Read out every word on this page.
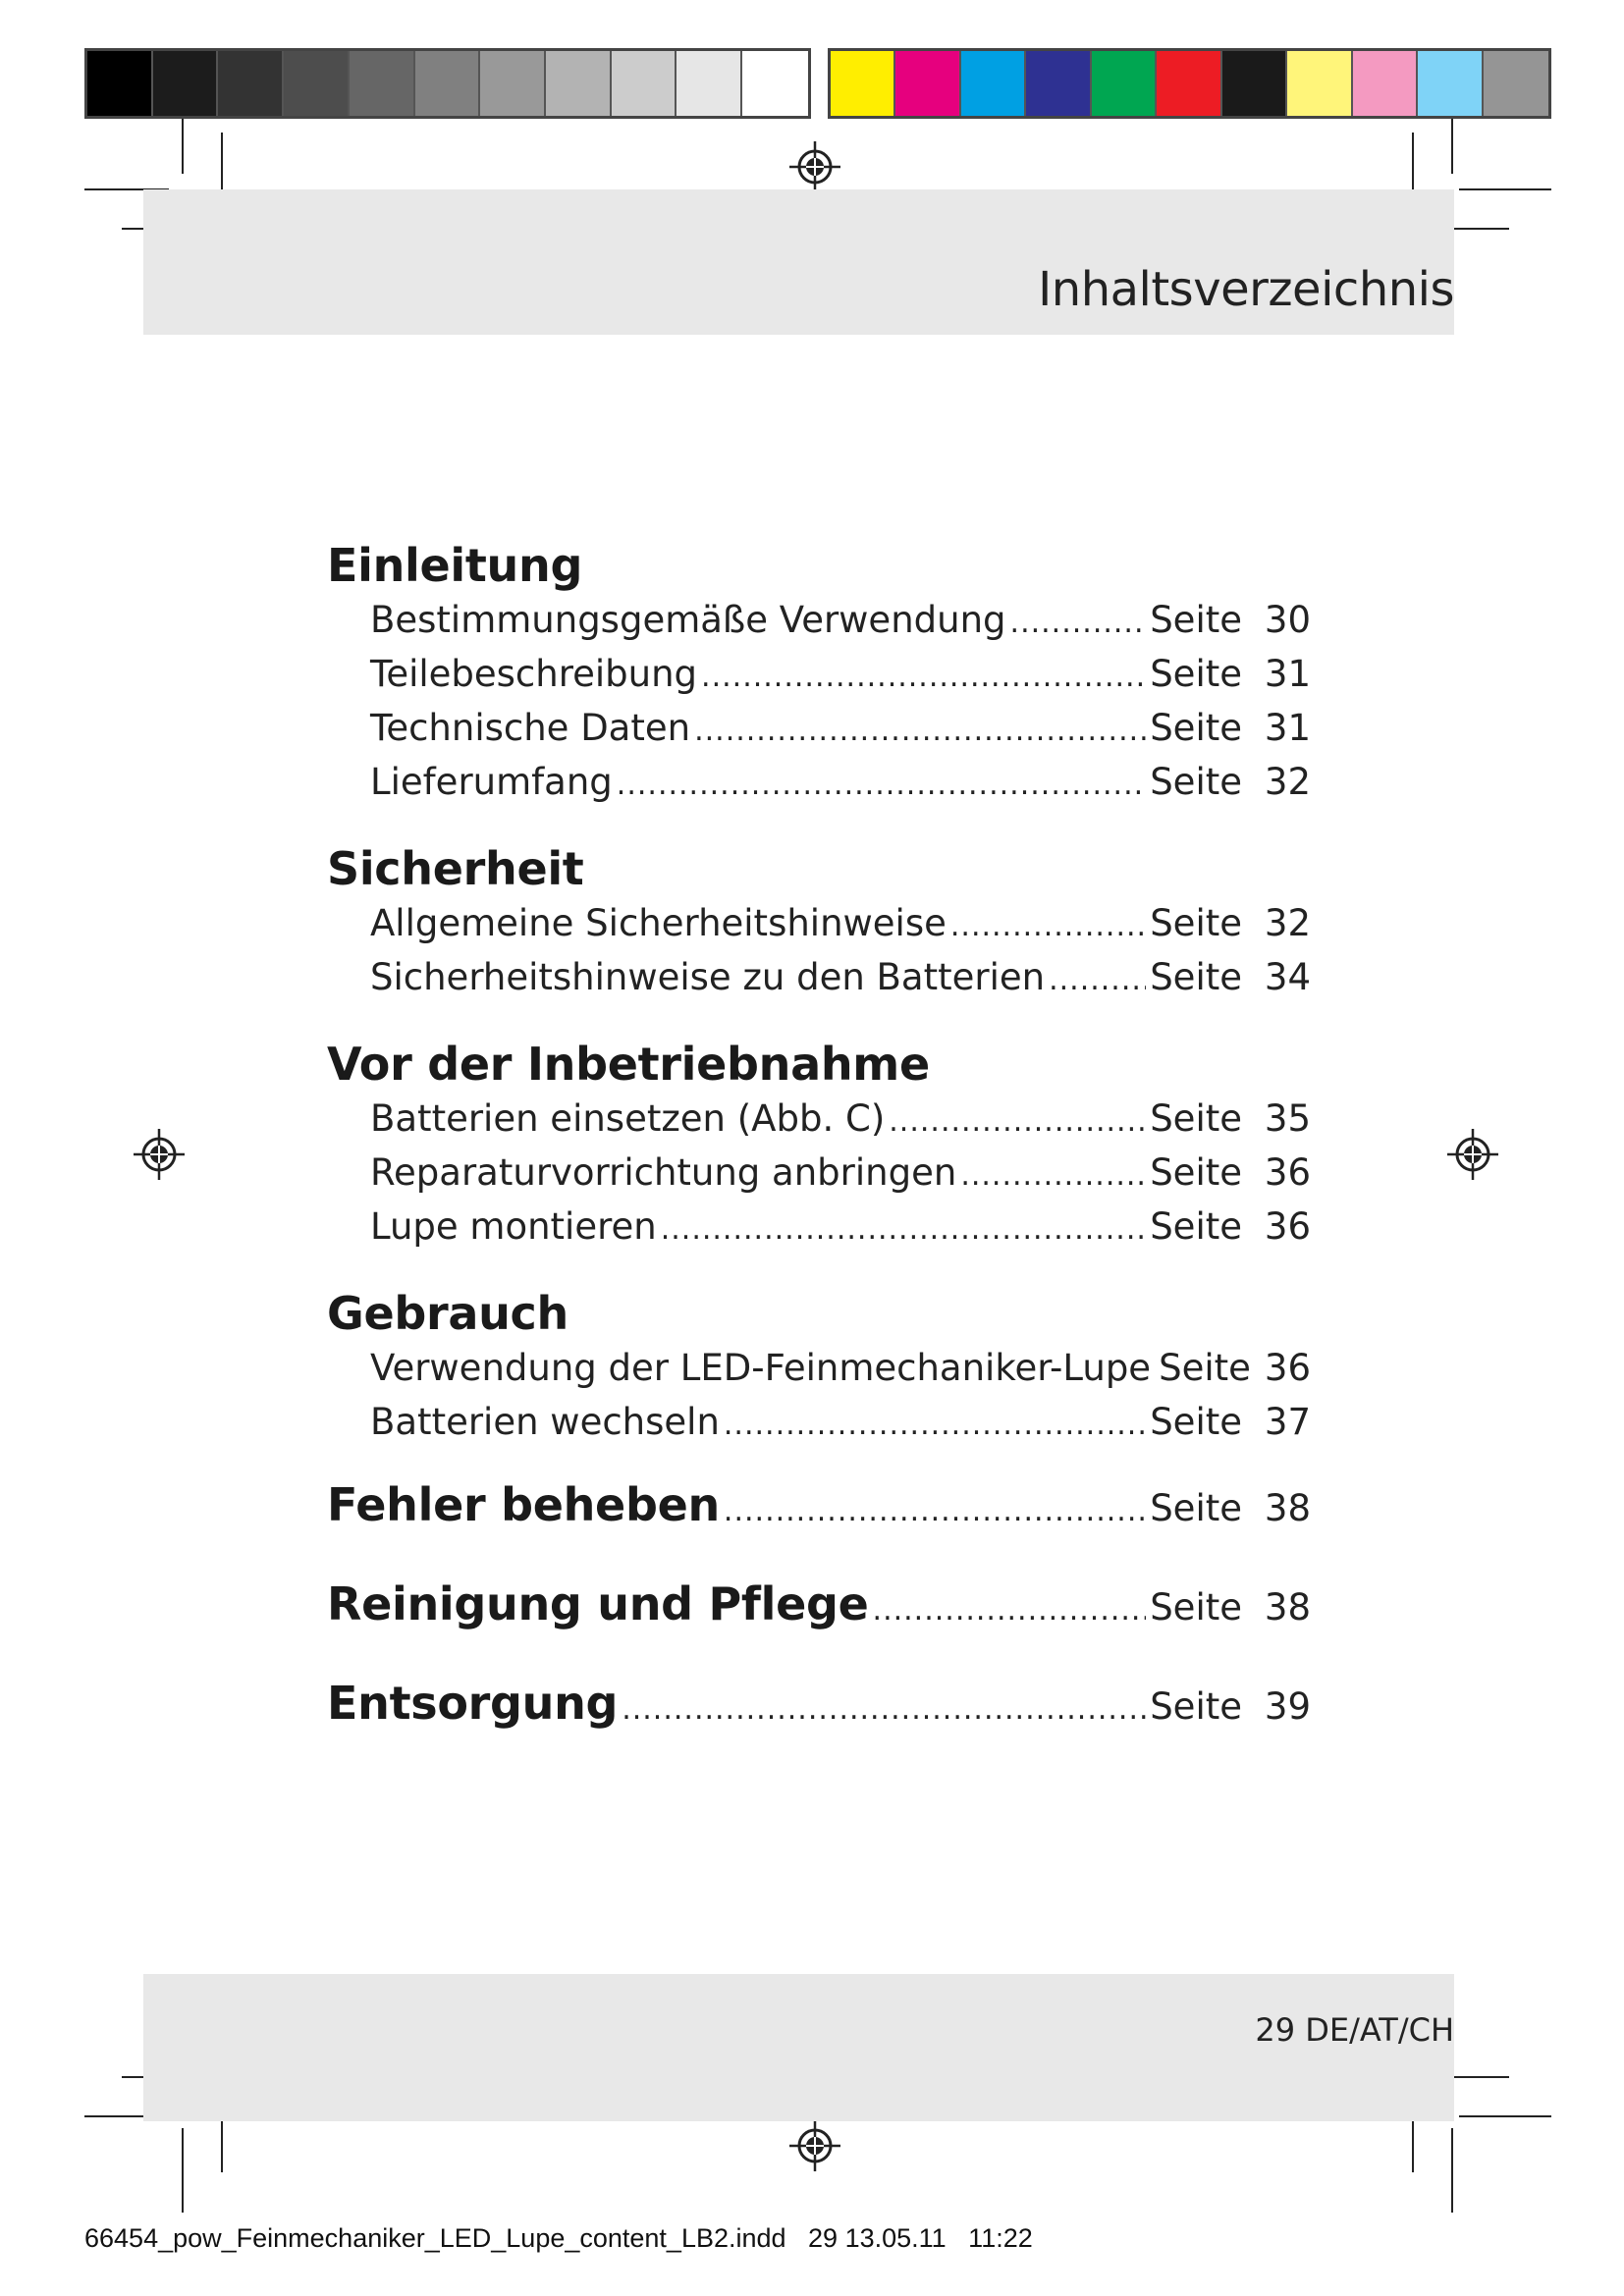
Inhaltsverzeichnis
Einleitung
Bestimmungsgemäße Verwendung .....	Seite 30
Teilebeschreibung .....	Seite 31
Technische Daten .....	Seite 31
Lieferumfang .....	Seite 32
Sicherheit
Allgemeine Sicherheitshinweise .....	Seite 32
Sicherheitshinweise zu den Batterien .....	Seite 34
Vor der Inbetriebnahme
Batterien einsetzen (Abb. C) .....	Seite 35
Reparaturvorrichtung anbringen .....	Seite 36
Lupe montieren .....	Seite 36
Gebrauch
Verwendung der LED-Feinmechaniker-Lupe Seite 36
Batterien wechseln .....	Seite 37
Fehler beheben .....	Seite 38
Reinigung und Pflege .....	Seite 38
Entsorgung .....	Seite 39
29 DE/AT/CH
66454_pow_Feinmechaniker_LED_Lupe_content_LB2.indd   29 13.05.11   11:22
